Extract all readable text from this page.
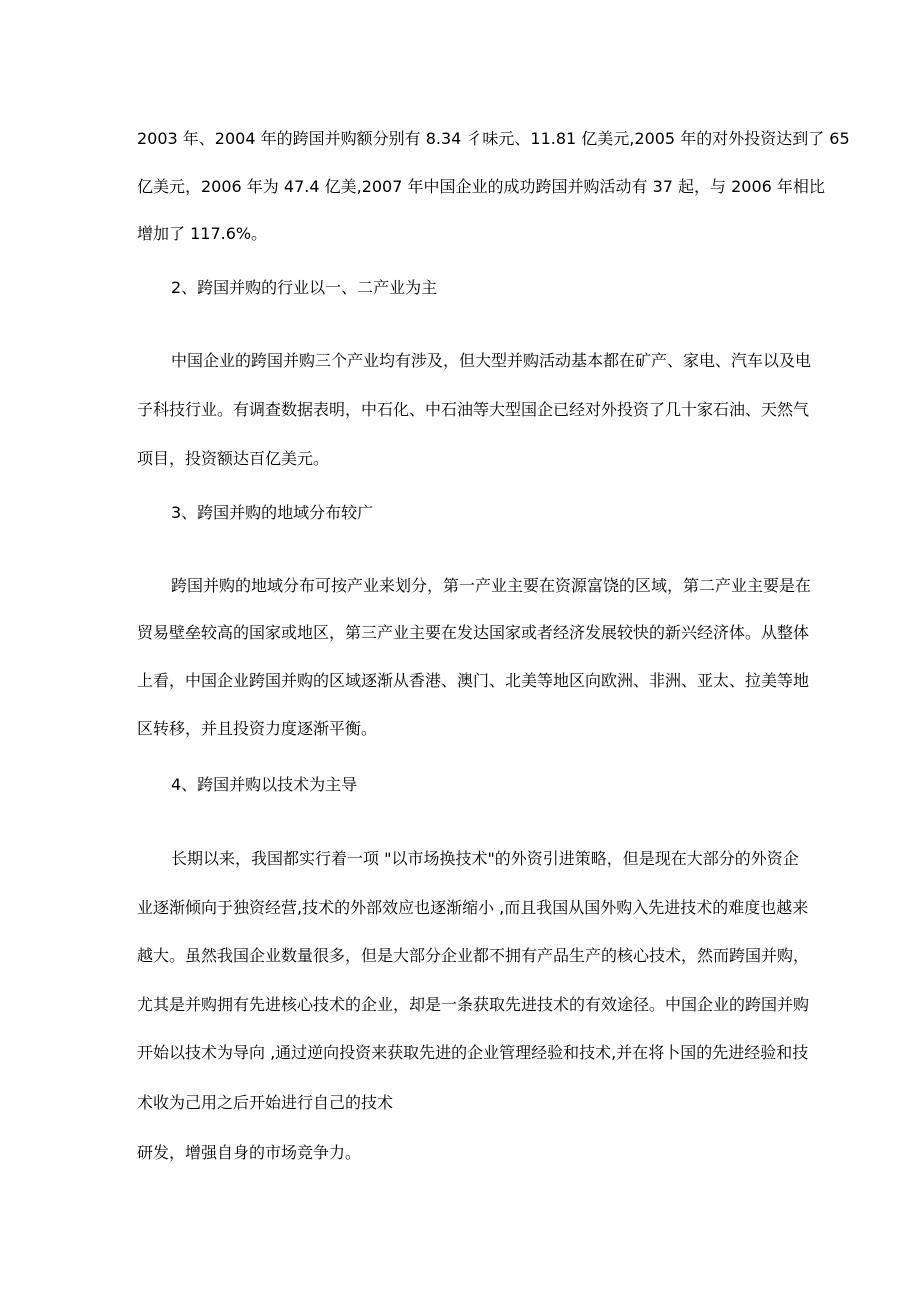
2003 年、2004 年的跨国并购额分别有 8.34 彳味元、11.81 亿美元,2005 年的对外投资达到了 65

亿美元，2006 年为 47.4 亿美,2007 年中国企业的成功跨国并购活动有 37 起，与 2006 年相比

增加了 117.6%。

2、跨国并购的行业以一、二产业为主

中国企业的跨国并购三个产业均有涉及，但大型并购活动基本都在矿产、家电、汽车以及电

子科技行业。有调查数据表明，中石化、中石油等大型国企已经对外投资了几十家石油、天然气

项目，投资额达百亿美元。

3、跨国并购的地域分布较广

跨国并购的地域分布可按产业来划分，第一产业主要在资源富饶的区域，第二产业主要是在

贸易壁垒较高的国家或地区，第三产业主要在发达国家或者经济发展较快的新兴经济体。从整体

上看，中国企业跨国并购的区域逐渐从香港、澳门、北美等地区向欧洲、非洲、亚太、拉美等地

区转移，并且投资力度逐渐平衡。

4、跨国并购以技术为主导

长期以来，我国都实行着一项 "以市场换技术"的外资引进策略，但是现在大部分的外资企

业逐渐倾向于独资经营,技术的外部效应也逐渐缩小 ,而且我国从国外购入先进技术的难度也越来

越大。虽然我国企业数量很多，但是大部分企业都不拥有产品生产的核心技术，然而跨国并购，

尤其是并购拥有先进核心技术的企业，却是一条获取先进技术的有效途径。中国企业的跨国并购

开始以技术为导向 ,通过逆向投资来获取先进的企业管理经验和技术,并在将卜国的先进经验和技

术收为己用之后开始进行自己的技术

研发，增强自身的市场竞争力。
